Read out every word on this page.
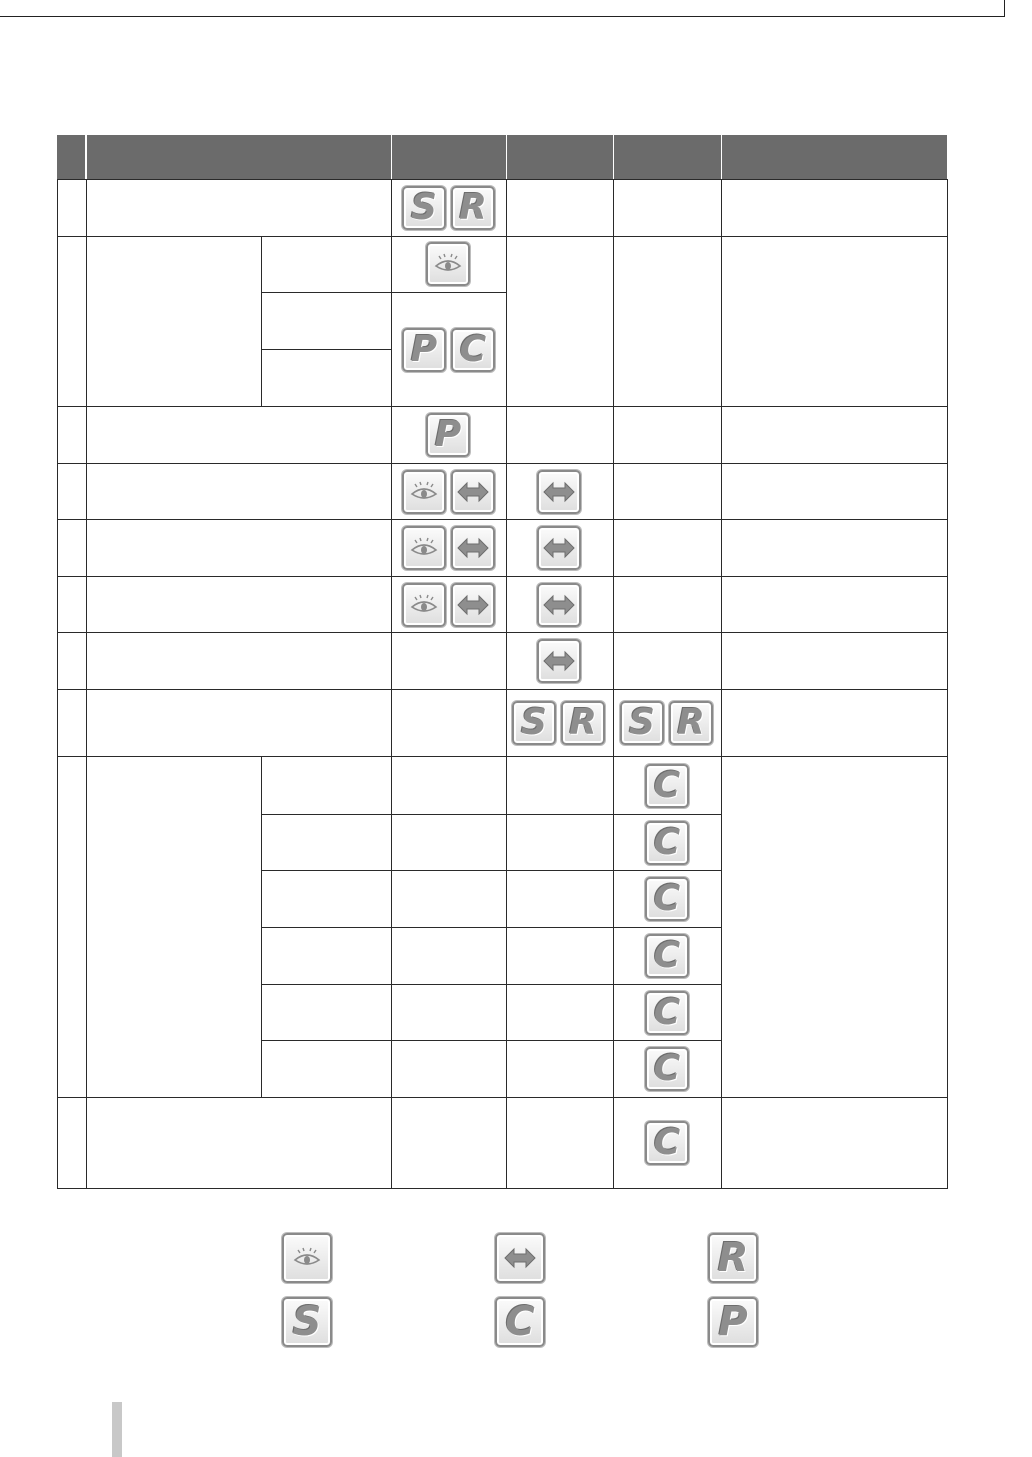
S R
P C
P
S R S R
C
C
C
C
C
C
C
R
S	C	P
